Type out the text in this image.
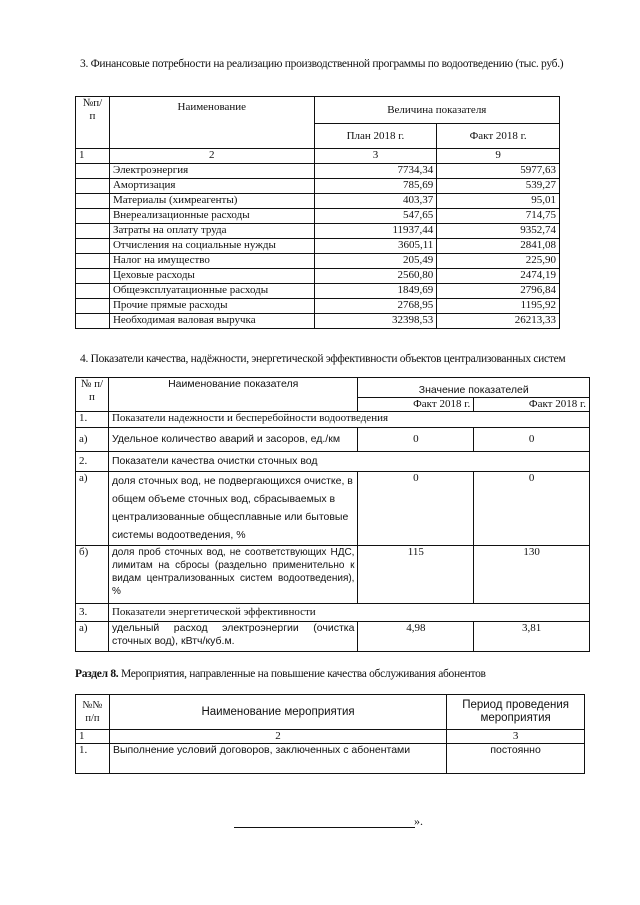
3. Финансовые потребности на реализацию производственной программы по водоотведению (тыс. руб.)
№п/ п	Наименование	Величина показателя	
		План 2018 г.	Факт 2018 г.
1	2	3	9
	Электроэнергия	7734,34	5977,63
	Амортизация	785,69	539,27
	Материалы (химреагенты)	403,37	95,01
	Внереализационные расходы	547,65	714,75
	Затраты на оплату труда	11937,44	9352,74
	Отчисления на социальные нужды	3605,11	2841,08
	Налог на имущество	205,49	225,90
	Цеховые расходы	2560,80	2474,19
	Общеэксплуатационные расходы	1849,69	2796,84
	Прочие прямые расходы	2768,95	1195,92
	Необходимая валовая выручка	32398,53	26213,33
4. Показатели качества, надёжности, энергетической эффективности объектов централизованных систем
№ п/п	Наименование показателя	Значение показателей	
		Факт 2018 г.	Факт 2018 г.
1.	Показатели надежности и бесперебойности водоотведения		
а)	Удельное количество аварий и засоров, ед./км	0	0
2.	Показатели качества очистки сточных вод		
а)	доля сточных вод, не подвергающихся очистке, в общем объеме сточных вод, сбрасываемых в централизованные общесплавные или бытовые системы водоотведения, %	0	0
б)	доля проб сточных вод, не соответствующих НДС, лимитам на сбросы (раздельно применительно к видам централизованных систем водоотведения), %	115	130
3.	Показатели энергетической эффективности		
а)	удельный расход электроэнергии (очистка сточных вод), кВтч/куб.м.	4,98	3,81
Раздел 8. Мероприятия, направленные на повышение качества обслуживания абонентов
№№ п/п	Наименование мероприятия	Период проведения мероприятия
1	2	3
1.	Выполнение условий договоров, заключенных с абонентами	постоянно
».
